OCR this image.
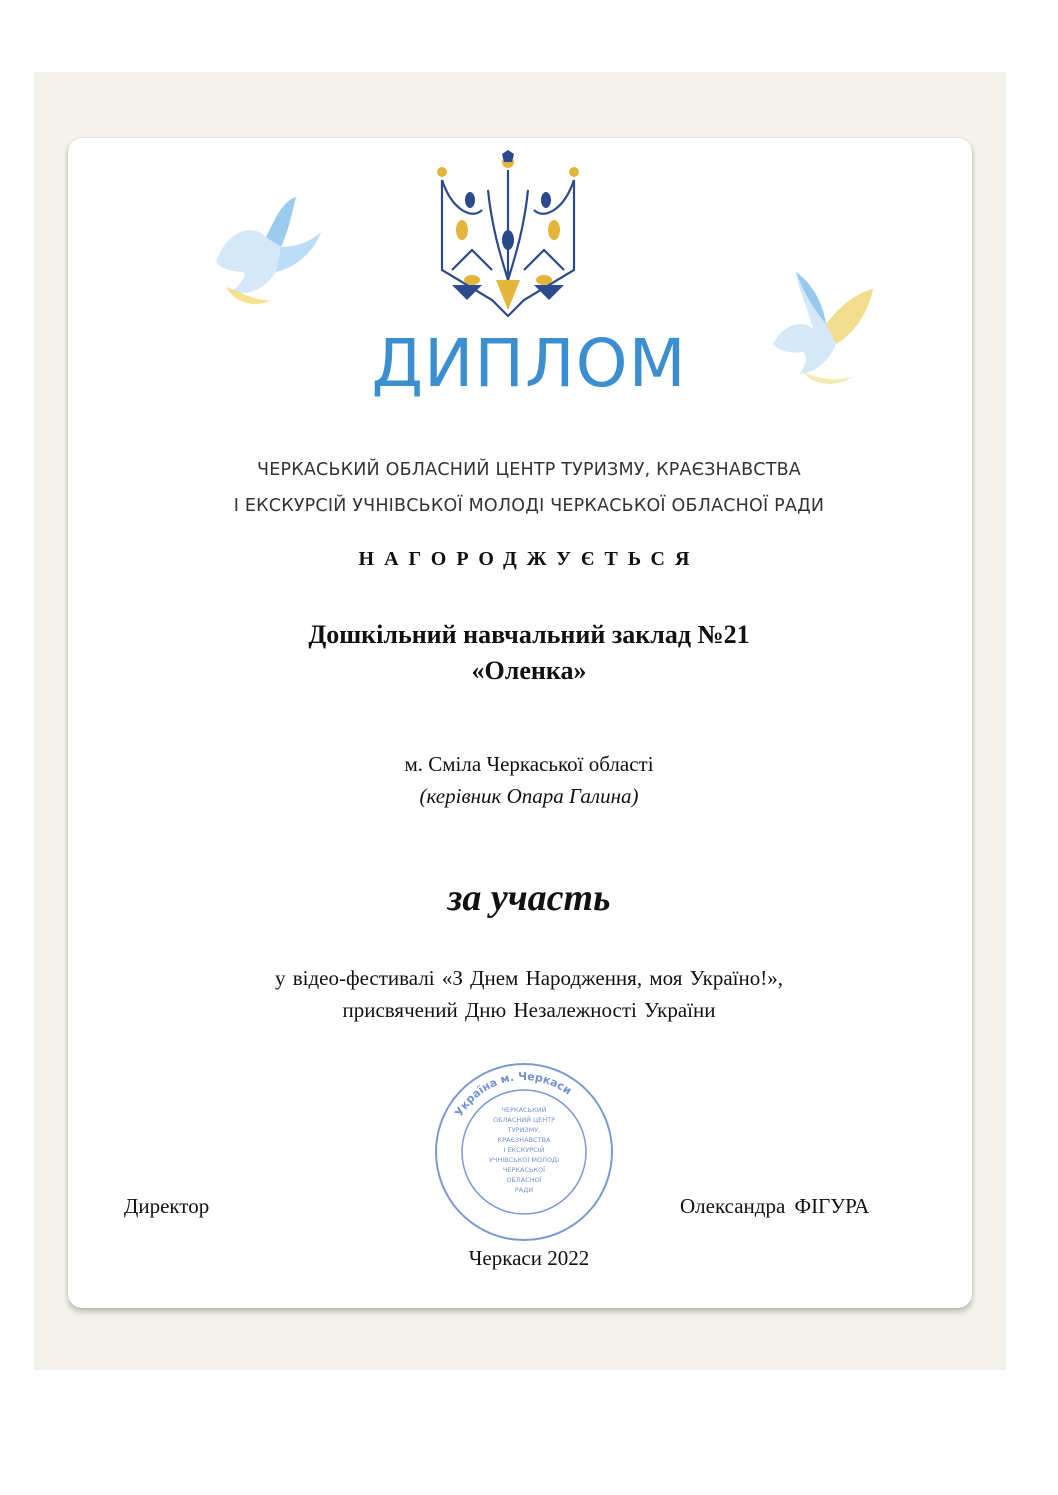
ДИПЛОМ
ЧЕРКАСЬКИЙ ОБЛАСНИЙ ЦЕНТР ТУРИЗМУ, КРАЄЗНАВСТВА
І ЕКСКУРСІЙ УЧНІВСЬКОЇ МОЛОДІ ЧЕРКАСЬКОЇ ОБЛАСНОЇ РАДИ
НАГОРОДЖУЄТЬСЯ
Дошкільний навчальний заклад №21
«Оленка»
м. Сміла Черкаської області
(керівник Опара Галина)
за участь
у відео-фестивалі «З Днем Народження, моя Україно!»,
присвячений Дню Незалежності України
Україна м. Черкаси
ЧЕРКАСЬКИЙ
ОБЛАСНИЙ ЦЕНТР
ТУРИЗМУ,
КРАЄЗНАВСТВА
І ЕКСКУРСІЙ
УЧНІВСЬКОЇ МОЛОДІ
ЧЕРКАСЬКОЇ
ОБЛАСНОЇ
РАДИ
Директор	Олександра ФІГУРА
Черкаси 2022
